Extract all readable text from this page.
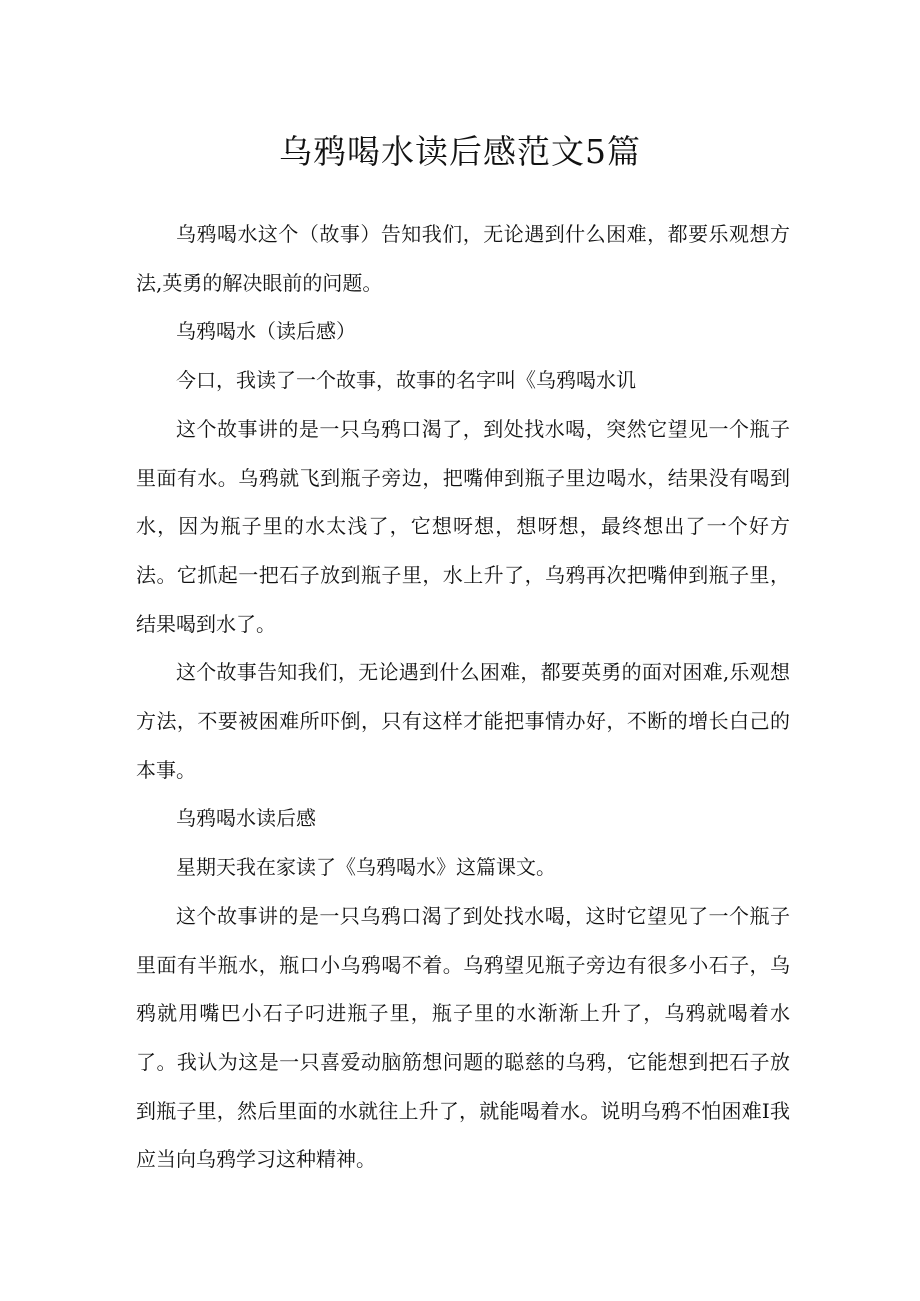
乌鸦喝水读后感范文5篇

乌鸦喝水这个（故事）告知我们，无论遇到什么困难，都要乐观想方法,英勇的解决眼前的问题。

乌鸦喝水（读后感）

今口，我读了一个故事，故事的名字叫《乌鸦喝水讥

这个故事讲的是一只乌鸦口渴了，到处找水喝，突然它望见一个瓶子里面有水。乌鸦就飞到瓶子旁边，把嘴伸到瓶子里边喝水，结果没有喝到水，因为瓶子里的水太浅了，它想呀想，想呀想，最终想出了一个好方法。它抓起一把石子放到瓶子里，水上升了，乌鸦再次把嘴伸到瓶子里，结果喝到水了。

这个故事告知我们，无论遇到什么困难，都要英勇的面对困难,乐观想方法，不要被困难所吓倒，只有这样才能把事情办好，不断的增长白己的本事。

乌鸦喝水读后感

星期天我在家读了《乌鸦喝水》这篇课文。

这个故事讲的是一只乌鸦口渴了到处找水喝，这时它望见了一个瓶子里面有半瓶水，瓶口小乌鸦喝不着。乌鸦望见瓶子旁边有很多小石子，乌鸦就用嘴巴小石子叼进瓶子里，瓶子里的水渐渐上升了，乌鸦就喝着水了。我认为这是一只喜爱动脑筋想问题的聪慈的乌鸦，它能想到把石子放到瓶子里，然后里面的水就往上升了，就能喝着水。说明乌鸦不怕困难I我应当向乌鸦学习这种精神。
